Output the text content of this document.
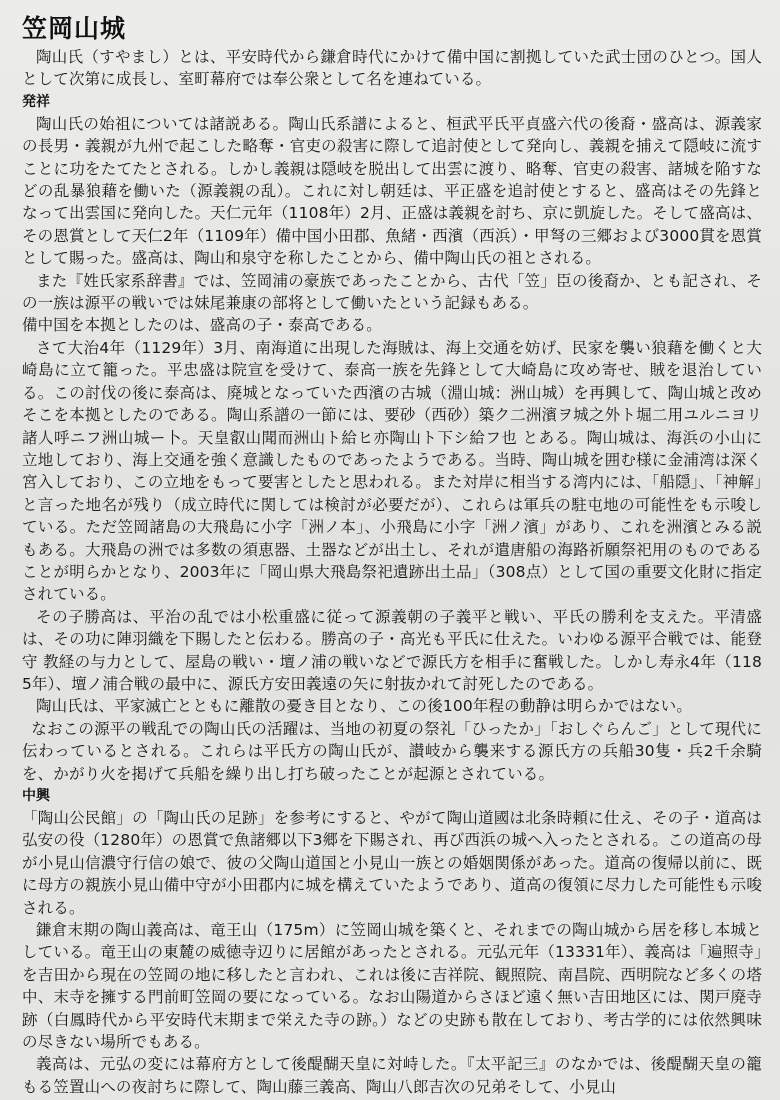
笠岡山城

陶山氏（すやまし）とは、平安時代から鎌倉時代にかけて備中国に割拠していた武士団のひとつ。国人として次第に成長し、室町幕府では奉公衆として名を連ねている。

発祥

陶山氏の始祖については諸説ある。陶山氏系譜によると、桓武平氏平貞盛六代の後裔・盛高は、源義家の長男・義親が九州で起こした略奪・官吏の殺害に際して追討使として発向し、義親を捕えて隠岐に流すことに功をたてたとされる。しかし義親は隠岐を脱出して出雲に渡り、略奪、官吏の殺害、諸城を陥すなどの乱暴狼藉を働いた（源義親の乱）。これに対し朝廷は、平正盛を追討使とすると、盛高はその先鋒となって出雲国に発向した。天仁元年（1108年）2月、正盛は義親を討ち、京に凱旋した。そして盛高は、その恩賞として天仁2年（1109年）備中国小田郡、魚緒・西濱（西浜）・甲弩の三郷および3000貫を恩賞として賜った。盛高は、陶山和泉守を称したことから、備中陶山氏の祖とされる。

また『姓氏家系辞書』では、笠岡浦の豪族であったことから、古代「笠」臣の後裔か、とも記され、その一族は源平の戦いでは妹尾兼康の部将として働いたという記録もある。

備中国を本拠としたのは、盛高の子・泰高である。

さて大治4年（1129年）3月、南海道に出現した海賊は、海上交通を妨げ、民家を襲い狼藉を働くと大崎島に立て籠った。平忠盛は院宣を受けて、泰高一族を先鋒として大崎島に攻め寄せ、賊を退治している。この討伐の後に泰高は、廃城となっていた西濱の古城（淵山城：洲山城）を再興して、陶山城と改めそこを本拠としたのである。陶山系譜の一節には、要砂（西砂）築ク二洲濱ヲ城之外ト堀二用ユルニヨリ諸人呼ニフ洲山城ー卜。天皇叡山聞而洲山ト給ヒ亦陶山ト下シ給フ也 とある。陶山城は、海浜の小山に立地しており、海上交通を強く意識したものであったようである。当時、陶山城を囲む様に金浦湾は深く宮入しており、この立地をもって要害としたと思われる。また対岸に相当する湾内には、「船隠」、「神解」と言った地名が残り（成立時代に関しては検討が必要だが）、これらは軍兵の駐屯地の可能性をも示唆している。ただ笠岡諸島の大飛島に小字「洲ノ本」、小飛島に小字「洲ノ濱」があり、これを洲濱とみる説もある。大飛島の洲では多数の須恵器、土器などが出土し、それが遣唐船の海路祈願祭祀用のものであることが明らかとなり、2003年に「岡山県大飛島祭祀遺跡出土品」（308点）として国の重要文化財に指定されている。

その子勝高は、平治の乱では小松重盛に従って源義朝の子義平と戦い、平氏の勝利を支えた。平清盛は、その功に陣羽織を下賜したと伝わる。勝高の子・高光も平氏に仕えた。いわゆる源平合戦では、能登守 教経の与力として、屋島の戦い・壇ノ浦の戦いなどで源氏方を相手に奮戦した。しかし寿永4年（1185年）、壇ノ浦合戦の最中に、源氏方安田義遠の矢に射抜かれて討死したのである。

陶山氏は、平家滅亡とともに離散の憂き目となり、この後100年程の動静は明らかではない。

なおこの源平の戦乱での陶山氏の活躍は、当地の初夏の祭礼「ひったか」「おしぐらんご」として現代に伝わっているとされる。これらは平氏方の陶山氏が、讃岐から襲来する源氏方の兵船30隻・兵2千余騎を、かがり火を掲げて兵船を繰り出し打ち破ったことが起源とされている。

中興

「陶山公民館」の「陶山氏の足跡」を参考にすると、やがて陶山道國は北条時頼に仕え、その子・道高は弘安の役（1280年）の恩賞で魚諸郷以下3郷を下賜され、再び西浜の城へ入ったとされる。この道高の母が小見山信濃守行信の娘で、彼の父陶山道国と小見山一族との婚姻関係があった。道高の復帰以前に、既に母方の親族小見山備中守が小田郡内に城を構えていたようであり、道高の復領に尽力した可能性も示唆される。

鎌倉末期の陶山義高は、竜王山（175m）に笠岡山城を築くと、それまでの陶山城から居を移し本城としている。竜王山の東麓の威徳寺辺りに居館があったとされる。元弘元年（13331年）、義高は「遍照寺」を吉田から現在の笠岡の地に移したと言われ、これは後に吉祥院、観照院、南昌院、西明院など多くの塔中、末寺を擁する門前町笠岡の要になっている。なお山陽道からさほど遠く無い吉田地区には、関戸廃寺跡（白鳳時代から平安時代末期まで栄えた寺の跡。）などの史跡も散在しており、考古学的には依然興味の尽きない場所でもある。

義高は、元弘の変には幕府方として後醍醐天皇に対峙した。『太平記三』のなかでは、後醍醐天皇の籠もる笠置山への夜討ちに際して、陶山藤三義高、陶山八郎吉次の兄弟そして、小見山
